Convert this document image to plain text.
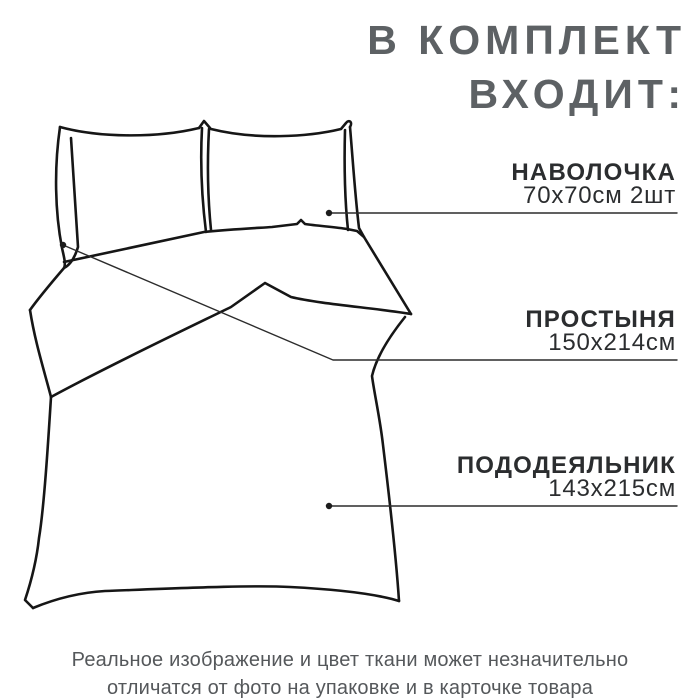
В КОМПЛЕКТ
ВХОДИТ:
НАВОЛОЧКА
70х70см 2шт
ПРОСТЫНЯ
150х214см
ПОДОДЕЯЛЬНИК
143х215см
Реальное изображение и цвет ткани может незначительно
отличатся от фото на упаковке и в карточке товара
